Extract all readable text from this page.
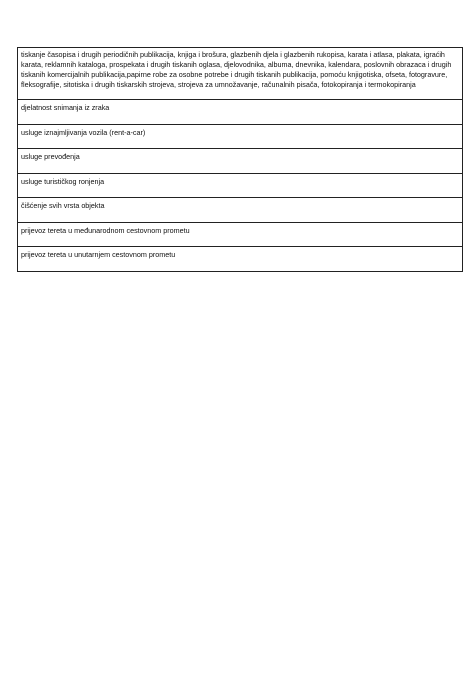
tiskanje časopisa i drugih periodičnih publikacija, knjiga i brošura, glazbenih djela i glazbenih rukopisa, karata i atlasa, plakata, igraćih karata, reklamnih kataloga, prospekata i drugih tiskanih oglasa, djelovodnika, albuma, dnevnika, kalendara, poslovnih obrazaca i drugih tiskanih komercijalnih publikacija,papirne robe za osobne potrebe i drugih tiskanih publikacija, pomoću knjigotiska, ofseta, fotogravure, fleksografije, sitotiska i drugih tiskarskih strojeva, strojeva za umnožavanje, računalnih pisača, fotokopiranja i termokopiranja
djelatnost snimanja iz zraka
usluge iznajmljivanja vozila (rent-a-car)
usluge prevođenja
usluge turističkog ronjenja
čišćenje svih vrsta objekta
prijevoz tereta u međunarodnom cestovnom prometu
prijevoz tereta u unutarnjem cestovnom prometu
